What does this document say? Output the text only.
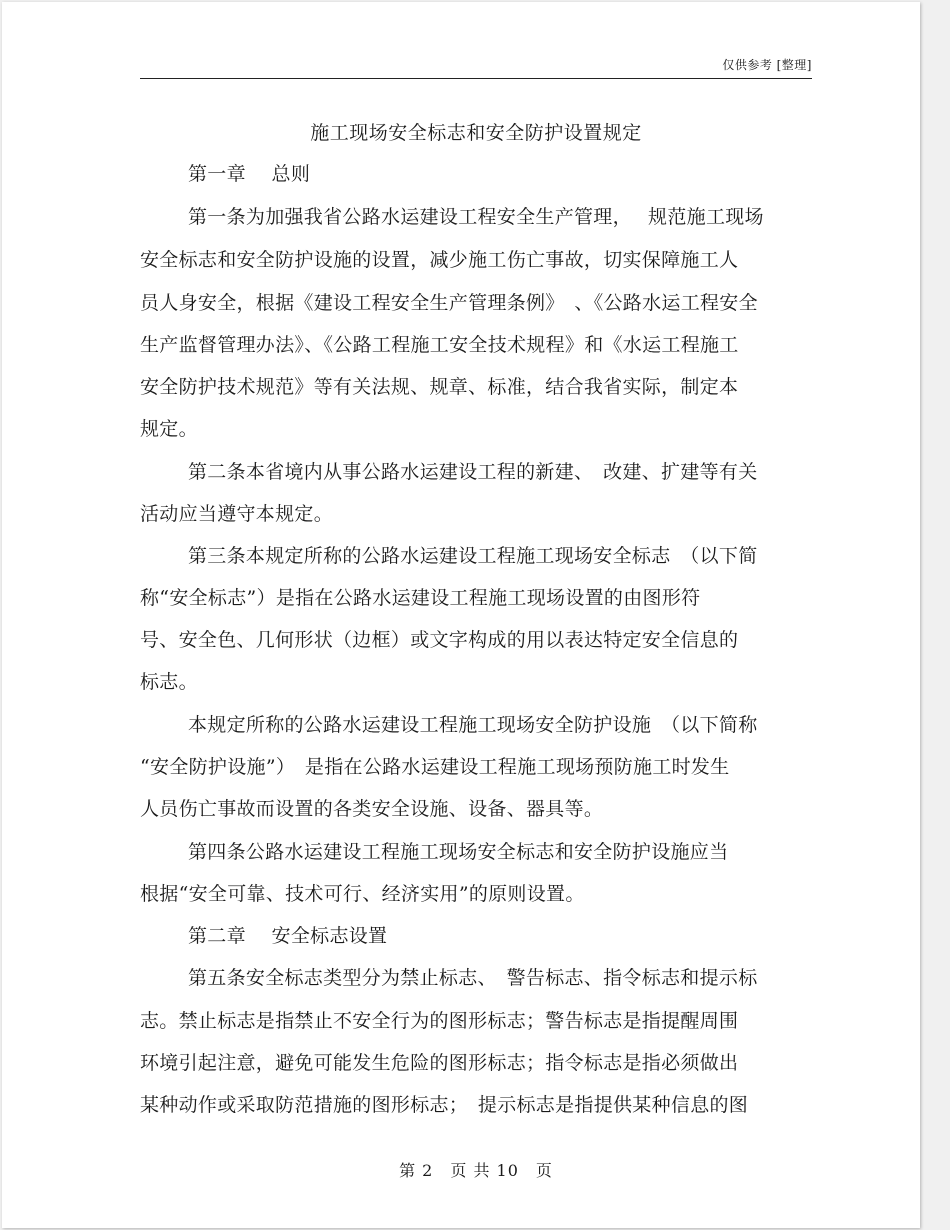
仅供参考 [整理]
施工现场安全标志和安全防护设置规定
第一章　 总则
第一条为加强我省公路水运建设工程安全生产管理，　 规范施工现场
安全标志和安全防护设施的设置，减少施工伤亡事故，切实保障施工人
员人身安全，根据《建设工程安全生产管理条例》　、《公路水运工程安全
生产监督管理办法》、《公路工程施工安全技术规程》和《水运工程施工
安全防护技术规范》等有关法规、规章、标准，结合我省实际，制定本
规定。
第二条本省境内从事公路水运建设工程的新建、　改建、扩建等有关
活动应当遵守本规定。
第三条本规定所称的公路水运建设工程施工现场安全标志　（以下简
称“安全标志”）是指在公路水运建设工程施工现场设置的由图形符
号、安全色、几何形状（边框）或文字构成的用以表达特定安全信息的
标志。
本规定所称的公路水运建设工程施工现场安全防护设施　（以下简称
“安全防护设施”）　是指在公路水运建设工程施工现场预防施工时发生
人员伤亡事故而设置的各类安全设施、设备、器具等。
第四条公路水运建设工程施工现场安全标志和安全防护设施应当
根据“安全可靠、技术可行、经济实用”的原则设置。
第二章　 安全标志设置
第五条安全标志类型分为禁止标志、　警告标志、指令标志和提示标
志。禁止标志是指禁止不安全行为的图形标志；警告标志是指提醒周围
环境引起注意，避免可能发生危险的图形标志；指令标志是指必须做出
某种动作或采取防范措施的图形标志；　提示标志是指提供某种信息的图
第 2　页 共 10　页
